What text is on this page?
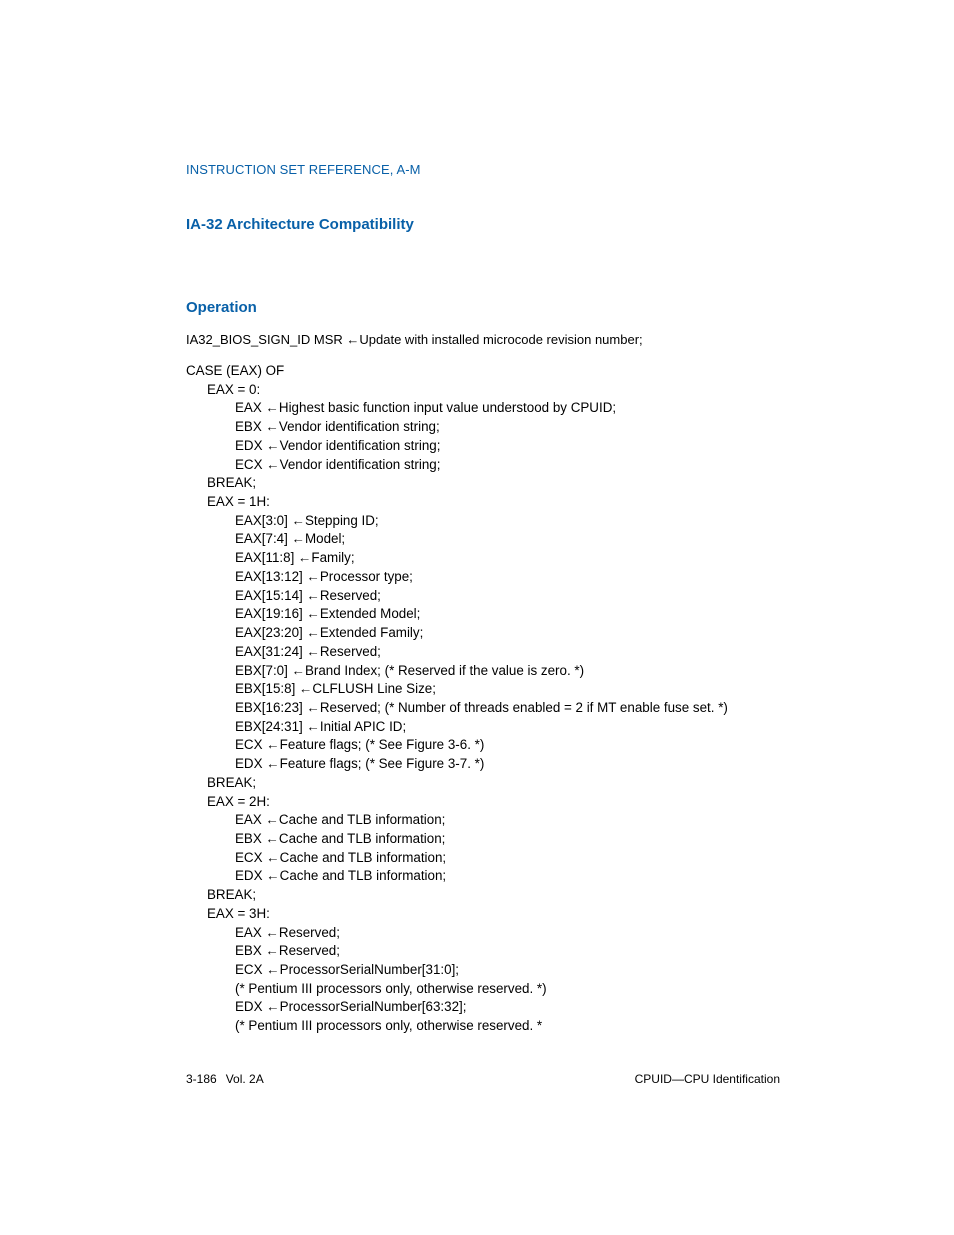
INSTRUCTION SET REFERENCE, A-M
IA-32 Architecture Compatibility
Operation
IA32_BIOS_SIGN_ID MSR ←Update with installed microcode revision number;
CASE (EAX) OF
EAX = 0:
EAX ←Highest basic function input value understood by CPUID;
EBX ←Vendor identification string;
EDX ←Vendor identification string;
ECX ←Vendor identification string;
BREAK;
EAX = 1H:
EAX[3:0] ←Stepping ID;
EAX[7:4] ←Model;
EAX[11:8] ←Family;
EAX[13:12] ←Processor type;
EAX[15:14] ←Reserved;
EAX[19:16] ←Extended Model;
EAX[23:20] ←Extended Family;
EAX[31:24] ←Reserved;
EBX[7:0] ←Brand Index; (* Reserved if the value is zero. *)
EBX[15:8] ←CLFLUSH Line Size;
EBX[16:23] ←Reserved; (* Number of threads enabled = 2 if MT enable fuse set. *)
EBX[24:31] ←Initial APIC ID;
ECX ←Feature flags; (* See Figure 3-6. *)
EDX ←Feature flags; (* See Figure 3-7. *)
BREAK;
EAX = 2H:
EAX ←Cache and TLB information;
EBX ←Cache and TLB information;
ECX ←Cache and TLB information;
EDX ←Cache and TLB information;
BREAK;
EAX = 3H:
EAX ←Reserved;
EBX ←Reserved;
ECX ←ProcessorSerialNumber[31:0];
(* Pentium III processors only, otherwise reserved. *)
EDX ←ProcessorSerialNumber[63:32];
(* Pentium III processors only, otherwise reserved. *
3-186 Vol. 2A	CPUID—CPU Identification
